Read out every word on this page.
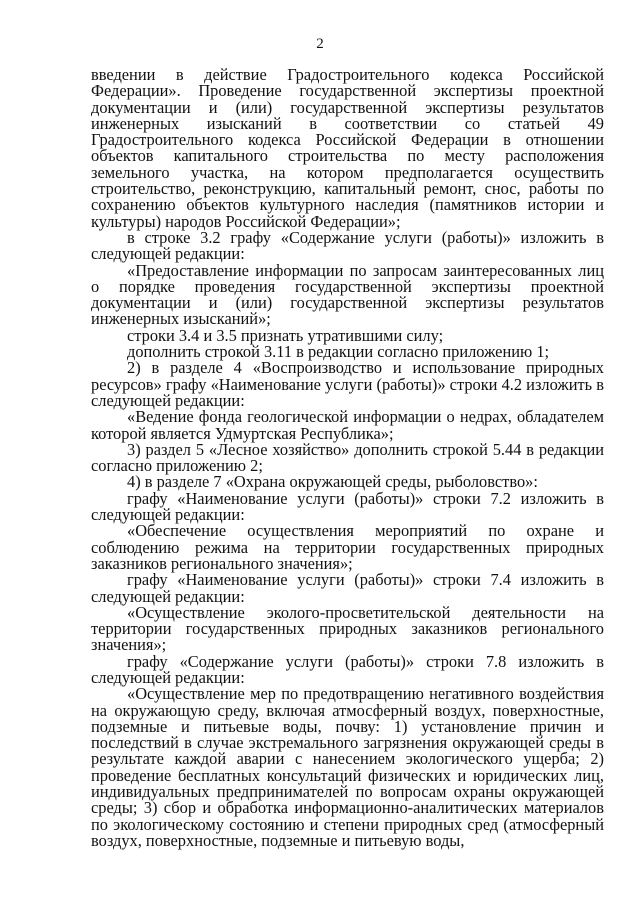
2

введении в действие Градостроительного кодекса Российской Федерации». Проведение государственной экспертизы проектной документации и (или) государственной экспертизы результатов инженерных изысканий в соответствии со статьей 49 Градостроительного кодекса Российской Федерации в отношении объектов капитального строительства по месту расположения земельного участка, на котором предполагается осуществить строительство, реконструкцию, капитальный ремонт, снос, работы по сохранению объектов культурного наследия (памятников истории и культуры) народов Российской Федерации»;

в строке 3.2 графу «Содержание услуги (работы)» изложить в следующей редакции:

«Предоставление информации по запросам заинтересованных лиц о порядке проведения государственной экспертизы проектной документации и (или) государственной экспертизы результатов инженерных изысканий»;

строки 3.4 и 3.5 признать утратившими силу;

дополнить строкой 3.11 в редакции согласно приложению 1;

2) в разделе 4 «Воспроизводство и использование природных ресурсов» графу «Наименование услуги (работы)» строки 4.2 изложить в следующей редакции:

«Ведение фонда геологической информации о недрах, обладателем которой является Удмуртская Республика»;

3) раздел 5 «Лесное хозяйство» дополнить строкой 5.44 в редакции согласно приложению 2;

4) в разделе 7 «Охрана окружающей среды, рыболовство»:

графу «Наименование услуги (работы)» строки 7.2 изложить в следующей редакции:

«Обеспечение осуществления мероприятий по охране и соблюдению режима на территории государственных природных заказников регионального значения»;

графу «Наименование услуги (работы)» строки 7.4 изложить в следующей редакции:

«Осуществление эколого-просветительской деятельности на территории государственных природных заказников регионального значения»;

графу «Содержание услуги (работы)» строки 7.8 изложить в следующей редакции:

«Осуществление мер по предотвращению негативного воздействия на окружающую среду, включая атмосферный воздух, поверхностные, подземные и питьевые воды, почву: 1) установление причин и последствий в случае экстремального загрязнения окружающей среды в результате каждой аварии с нанесением экологического ущерба; 2) проведение бесплатных консультаций физических и юридических лиц, индивидуальных предпринимателей по вопросам охраны окружающей среды; 3) сбор и обработка информационно-аналитических материалов по экологическому состоянию и степени природных сред (атмосферный воздух, поверхностные, подземные и питьевую воды,
